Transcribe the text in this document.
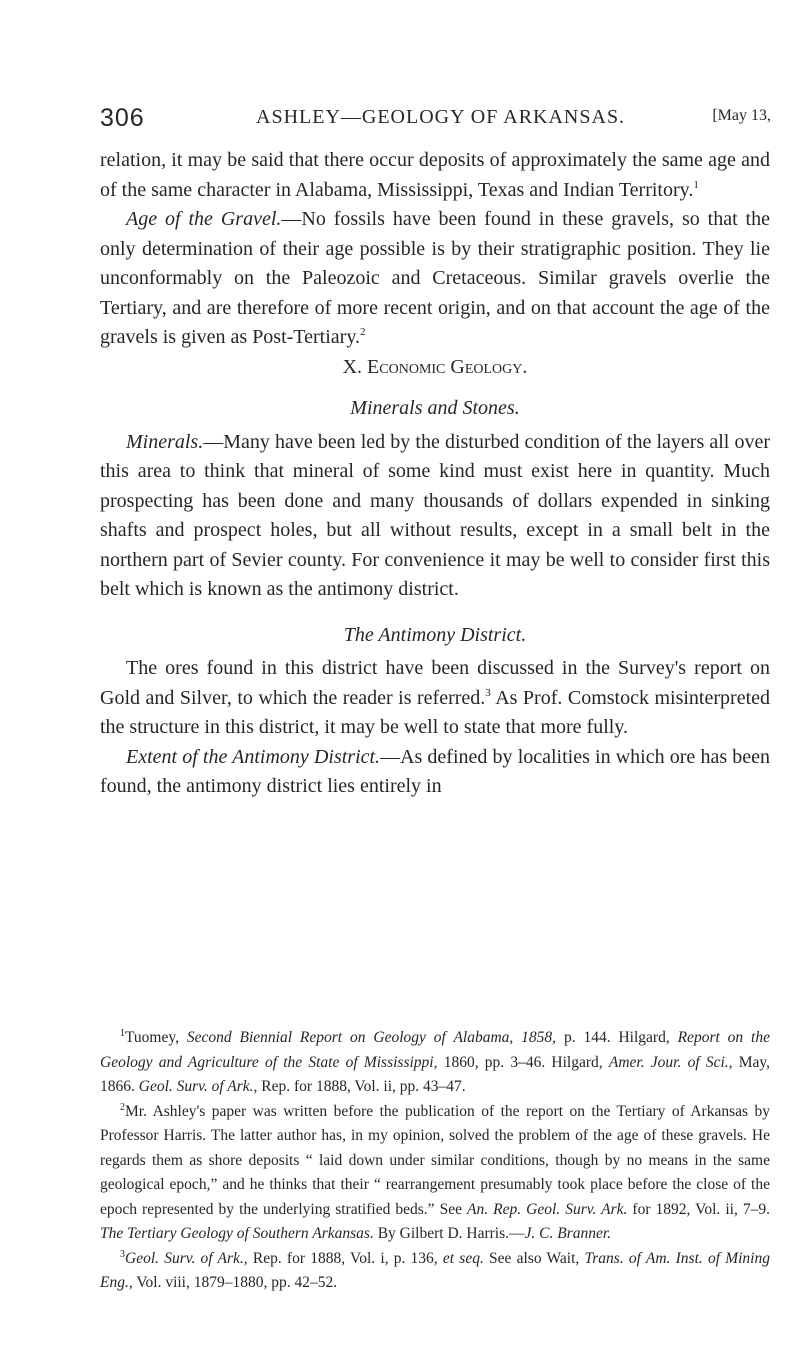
306	ASHLEY—GEOLOGY OF ARKANSAS.	[May 13,

relation, it may be said that there occur deposits of approximately the same age and of the same character in Alabama, Mississippi, Texas and Indian Territory.$^1$

Age of the Gravel.—No fossils have been found in these gravels, so that the only determination of their age possible is by their stratigraphic position. They lie unconformably on the Paleozoic and Cretaceous. Similar gravels overlie the Tertiary, and are therefore of more recent origin, and on that account the age of the gravels is given as Post-Tertiary.$^2$

X. Economic Geology.

Minerals and Stones.

Minerals.—Many have been led by the disturbed condition of the layers all over this area to think that mineral of some kind must exist here in quantity. Much prospecting has been done and many thousands of dollars expended in sinking shafts and prospect holes, but all without results, except in a small belt in the northern part of Sevier county. For convenience it may be well to consider first this belt which is known as the antimony district.

The Antimony District.

The ores found in this district have been discussed in the Survey's report on Gold and Silver, to which the reader is referred.$^3$ As Prof. Comstock misinterpreted the structure in this district, it may be well to state that more fully.

Extent of the Antimony District.—As defined by localities in which ore has been found, the antimony district lies entirely in

$^1$Tuomey, Second Biennial Report on Geology of Alabama, 1858, p. 144. Hilgard, Report on the Geology and Agriculture of the State of Mississippi, 1860, pp. 3–46. Hilgard, Amer. Jour. of Sci., May, 1866. Geol. Surv. of Ark., Rep. for 1888, Vol. ii, pp. 43–47.

$^2$Mr. Ashley's paper was written before the publication of the report on the Tertiary of Arkansas by Professor Harris. The latter author has, in my opinion, solved the problem of the age of these gravels. He regards them as shore deposits “ laid down under similar conditions, though by no means in the same geological epoch,” and he thinks that their “ rearrangement presumably took place before the close of the epoch represented by the underlying stratified beds.” See An. Rep. Geol. Surv. Ark. for 1892, Vol. ii, 7–9. The Tertiary Geology of Southern Arkansas. By Gilbert D. Harris.—J. C. Branner.

$^3$Geol. Surv. of Ark., Rep. for 1888, Vol. i, p. 136, et seq. See also Wait, Trans. of Am. Inst. of Mining Eng., Vol. viii, 1879–1880, pp. 42–52.
